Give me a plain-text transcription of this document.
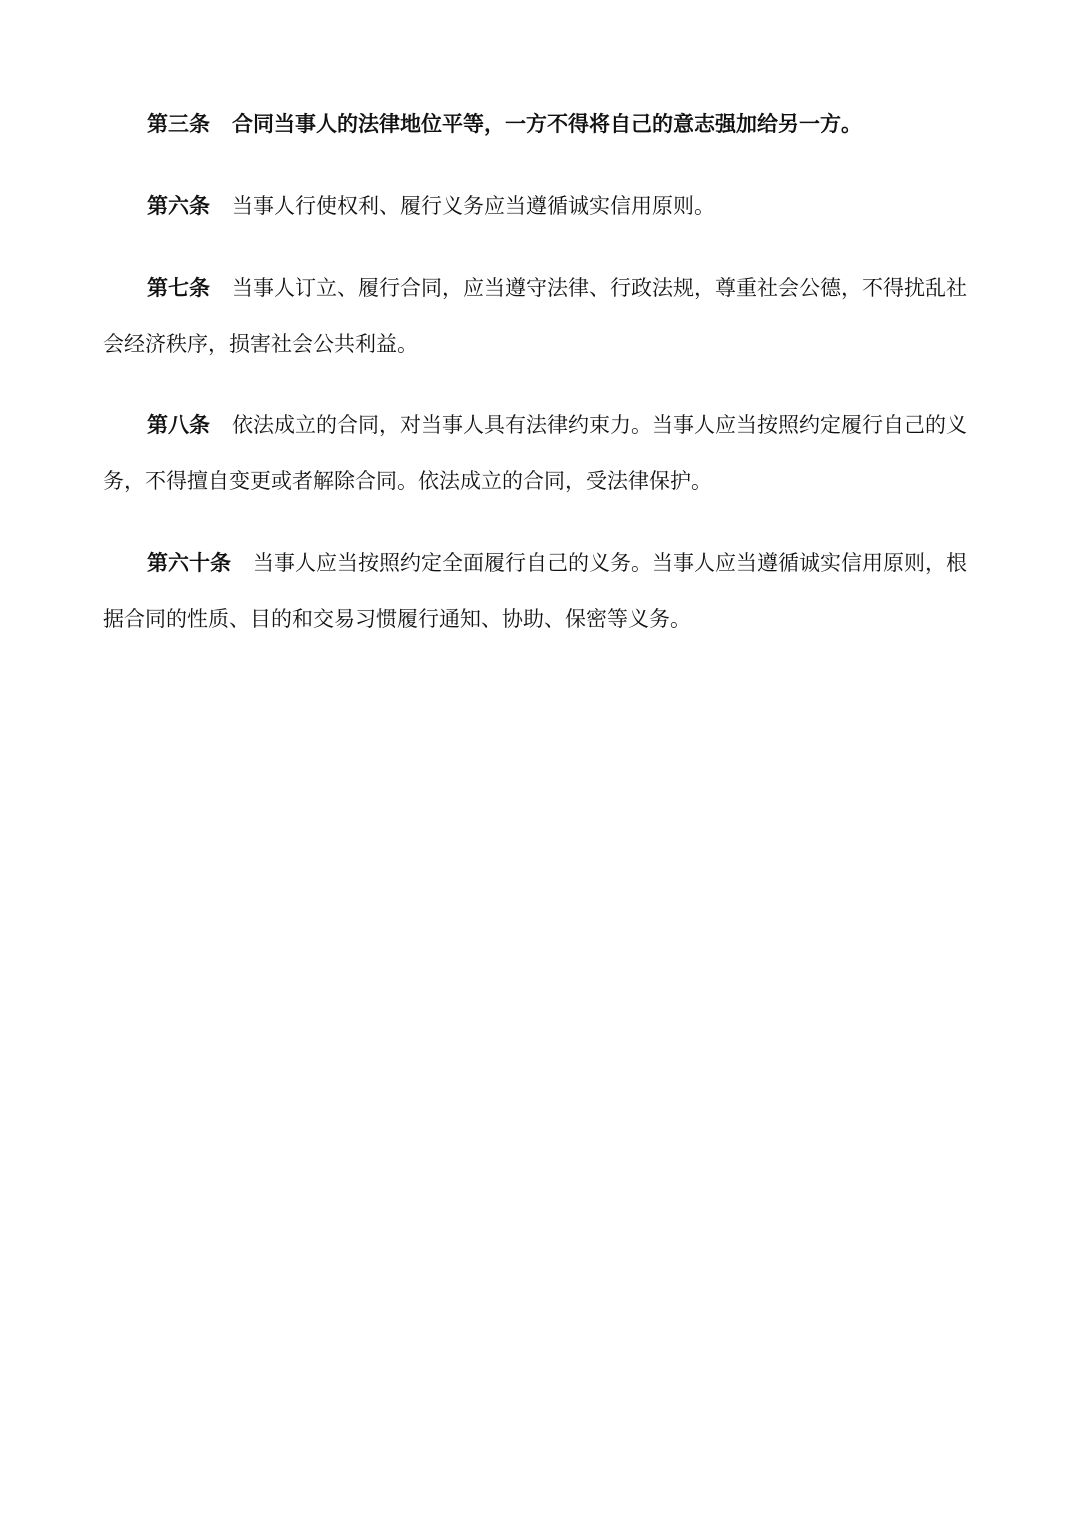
第三条 合同当事人的法律地位平等，一方不得将自己的意志强加给另一方。

第六条 当事人行使权利、履行义务应当遵循诚实信用原则。

第七条 当事人订立、履行合同，应当遵守法律、行政法规，尊重社会公德，不得扰乱社会经济秩序，损害社会公共利益。

第八条 依法成立的合同，对当事人具有法律约束力。当事人应当按照约定履行自己的义务，不得擅自变更或者解除合同。依法成立的合同，受法律保护。

第六十条 当事人应当按照约定全面履行自己的义务。当事人应当遵循诚实信用原则，根据合同的性质、目的和交易习惯履行通知、协助、保密等义务。
